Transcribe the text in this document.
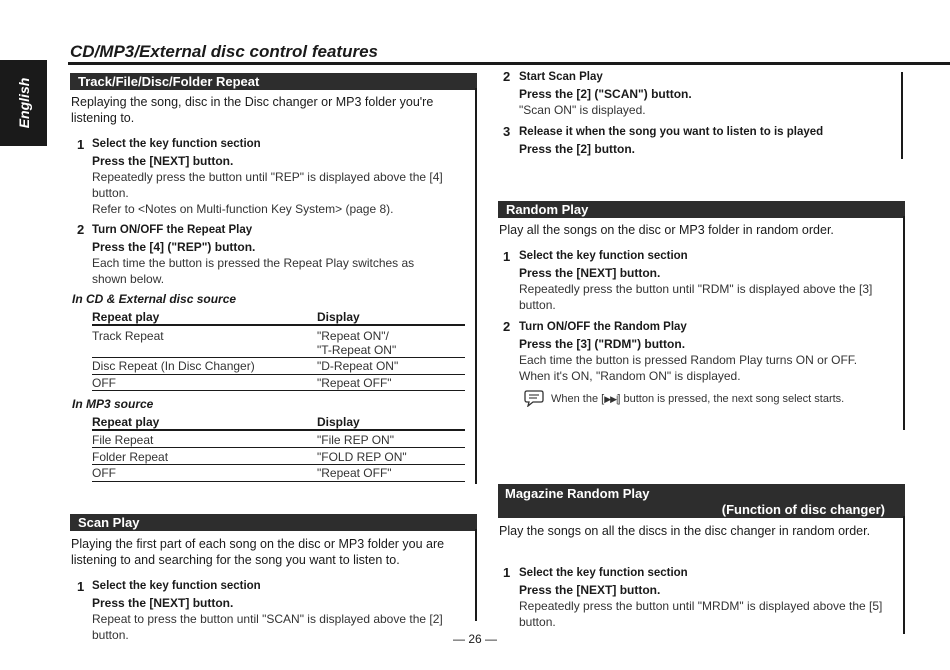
English
CD/MP3/External disc control features
Track/File/Disc/Folder Repeat
Replaying the song, disc in the Disc changer or MP3 folder you're listening to.
1 Select the key function section
Press the [NEXT] button.
Repeatedly press the button until "REP" is displayed above the [4] button.
Refer to <Notes on Multi-function Key System> (page 8).
2 Turn ON/OFF the Repeat Play
Press the [4] ("REP") button.
Each time the button is pressed the Repeat Play switches as shown below.
In CD & External disc source
Repeat play	Display
Track Repeat	"Repeat ON"/
"T-Repeat ON"
Disc Repeat (In Disc Changer)	"D-Repeat ON"
OFF	"Repeat OFF"
In MP3 source
Repeat play	Display
File Repeat	"File REP ON"
Folder Repeat	"FOLD REP ON"
OFF	"Repeat OFF"
Scan Play
Playing the first part of each song on the disc or MP3 folder you are listening to and searching for the song you want to listen to.
1 Select the key function section
Press the [NEXT] button.
Repeat to press the button until "SCAN" is displayed above the [2] button.
2 Start Scan Play
Press the [2] ("SCAN") button.
"Scan ON" is displayed.
3 Release it when the song you want to listen to is played
Press the [2] button.
Random Play
Play all the songs on the disc or MP3 folder in random order.
1 Select the key function section
Press the [NEXT] button.
Repeatedly press the button until "RDM" is displayed above the [3] button.
2 Turn ON/OFF the Random Play
Press the [3] ("RDM") button.
Each time the button is pressed Random Play turns ON or OFF.
When it's ON, "Random ON" is displayed.
When the [▶▶|] button is pressed, the next song select starts.
Magazine Random Play
(Function of disc changer)
Play the songs on all the discs in the disc changer in random order.
1 Select the key function section
Press the [NEXT] button.
Repeatedly press the button until "MRDM" is displayed above the [5] button.
— 26 —
